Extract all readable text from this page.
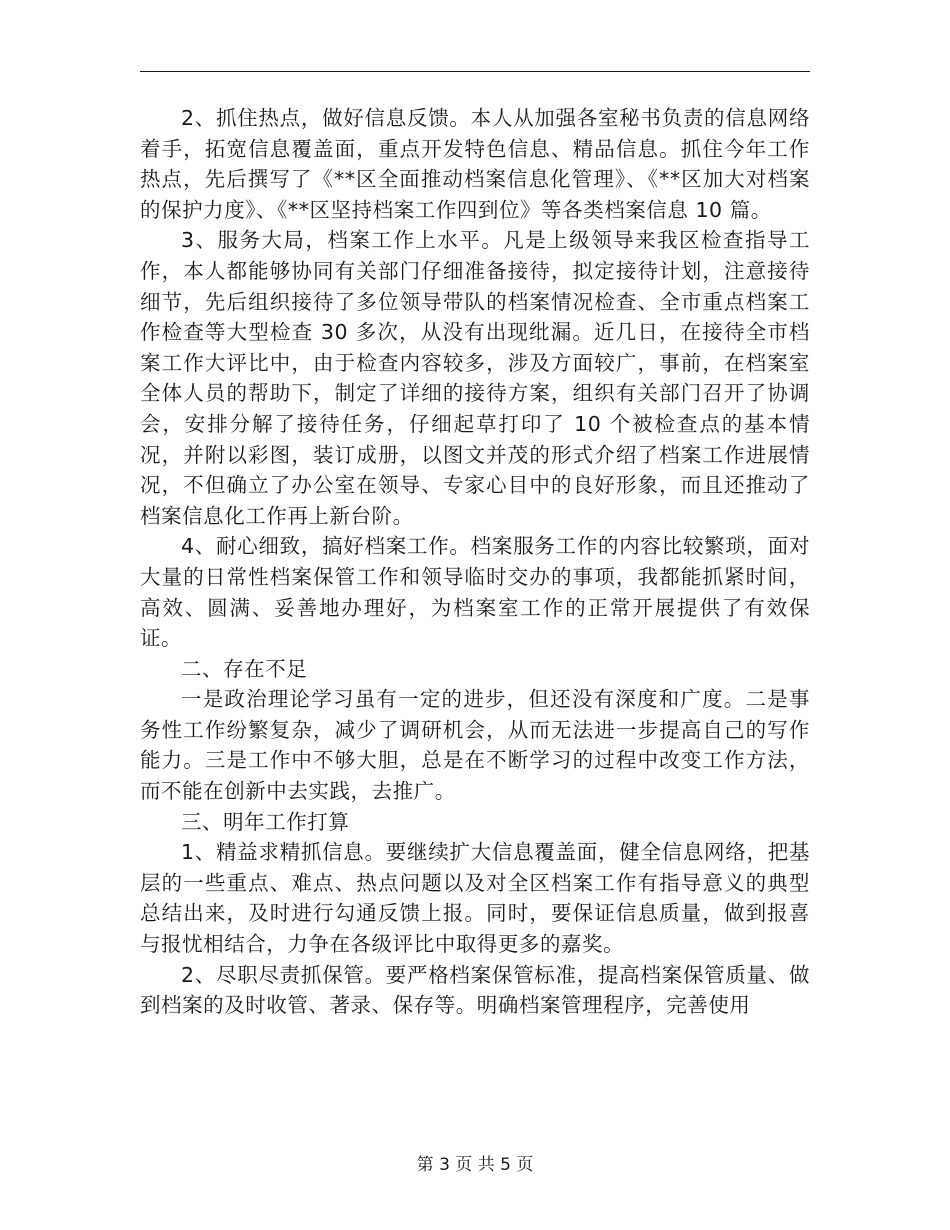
2、抓住热点，做好信息反馈。本人从加强各室秘书负责的信息网络着手，拓宽信息覆盖面，重点开发特色信息、精品信息。抓住今年工作热点，先后撰写了《**区全面推动档案信息化管理》、《**区加大对档案的保护力度》、《**区坚持档案工作四到位》等各类档案信息 10 篇。

3、服务大局，档案工作上水平。凡是上级领导来我区检查指导工作，本人都能够协同有关部门仔细准备接待，拟定接待计划，注意接待细节，先后组织接待了多位领导带队的档案情况检查、全市重点档案工作检查等大型检查 30 多次，从没有出现纰漏。近几日，在接待全市档案工作大评比中，由于检查内容较多，涉及方面较广，事前，在档案室全体人员的帮助下，制定了详细的接待方案，组织有关部门召开了协调会，安排分解了接待任务，仔细起草打印了 10 个被检查点的基本情况，并附以彩图，装订成册，以图文并茂的形式介绍了档案工作进展情况，不但确立了办公室在领导、专家心目中的良好形象，而且还推动了档案信息化工作再上新台阶。

4、耐心细致，搞好档案工作。档案服务工作的内容比较繁琐，面对大量的日常性档案保管工作和领导临时交办的事项，我都能抓紧时间，高效、圆满、妥善地办理好，为档案室工作的正常开展提供了有效保证。

二、存在不足

一是政治理论学习虽有一定的进步，但还没有深度和广度。二是事务性工作纷繁复杂，减少了调研机会，从而无法进一步提高自己的写作能力。三是工作中不够大胆，总是在不断学习的过程中改变工作方法，而不能在创新中去实践，去推广。

三、明年工作打算

1、精益求精抓信息。要继续扩大信息覆盖面，健全信息网络，把基层的一些重点、难点、热点问题以及对全区档案工作有指导意义的典型总结出来，及时进行勾通反馈上报。同时，要保证信息质量，做到报喜与报忧相结合，力争在各级评比中取得更多的嘉奖。

2、尽职尽责抓保管。要严格档案保管标准，提高档案保管质量、做到档案的及时收管、著录、保存等。明确档案管理程序，完善使用

第 3 页 共 5 页
